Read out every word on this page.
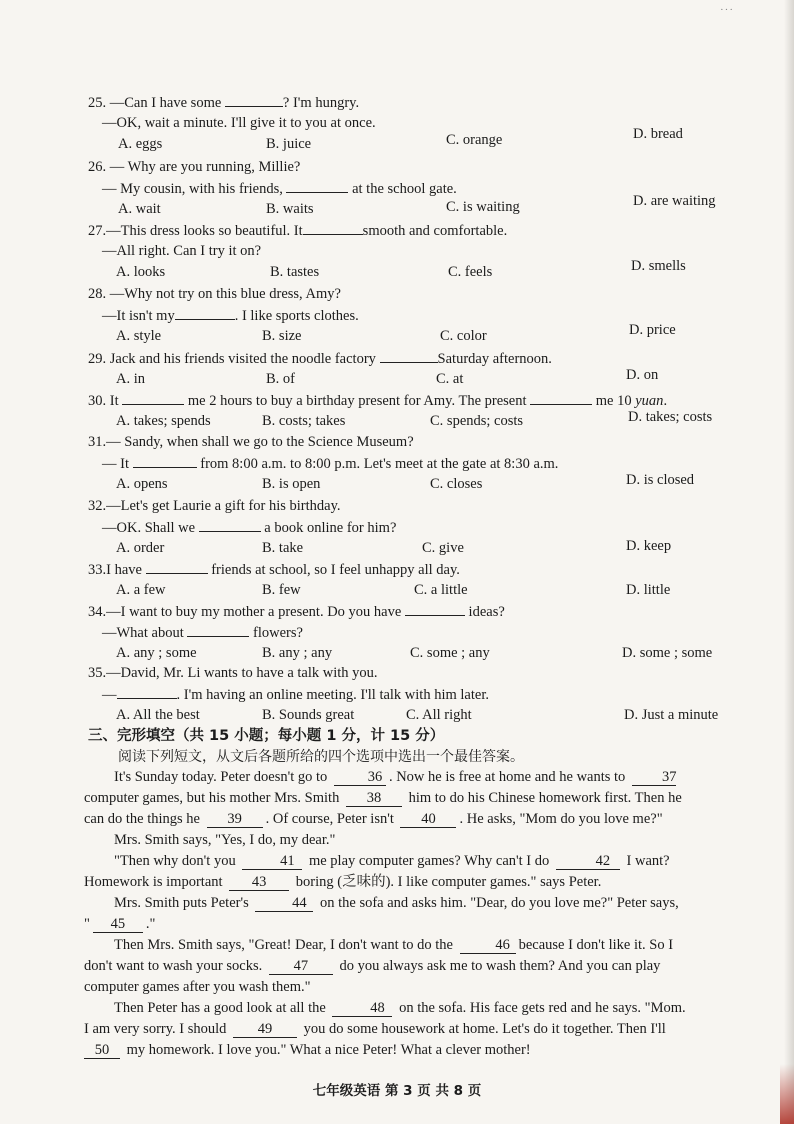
···
25. —Can I have some	? I'm hungry.
—OK, wait a minute. I'll give it to you at once.
A. eggs	B. juice	C. orange	D. bread
26. — Why are you running, Millie?
— My cousin, with his friends,	at the school gate.
A. wait	B. waits	C. is waiting	D. are waiting
27.—This dress looks so beautiful. It	smooth and comfortable.
—All right. Can I try it on?
A. looks	B. tastes	C. feels	D. smells
28. —Why not try on this blue dress, Amy?
—It isn't my	. I like sports clothes.
A. style	B. size	C. color	D. price
29. Jack and his friends visited the noodle factory	Saturday afternoon.
A. in	B. of	C. at	D. on
30. It	me 2 hours to buy a birthday present for Amy. The present	me 10 yuan.
A. takes; spends	B. costs; takes	C. spends; costs	D. takes; costs
31.— Sandy, when shall we go to the Science Museum?
— It	from 8:00 a.m. to 8:00 p.m. Let's meet at the gate at 8:30 a.m.
A. opens	B. is open	C. closes	D. is closed
32.—Let's get Laurie a gift for his birthday.
—OK. Shall we	a book online for him?
A. order	B. take	C. give	D. keep
33.I have	friends at school, so I feel unhappy all day.
A. a few	B. few	C. a little	D. little
34.—I want to buy my mother a present. Do you have	ideas?
—What about	flowers?
A. any ; some	B. any ; any	C. some ; any	D. some ; some
35.—David, Mr. Li wants to have a talk with you.
—	. I'm having an online meeting. I'll talk with him later.
A. All the best	B. Sounds great	C. All right	D. Just a minute
三、完形填空（共 15 小题；每小题 1 分，计 15 分）
阅读下列短文，从文后各题所给的四个选项中选出一个最佳答案。
It's Sunday today. Peter doesn't go to	36 . Now he is free at home and he wants to 37
computer games, but his mother Mrs. Smith 38 him to do his Chinese homework first. Then he
can do the things he 39 . Of course, Peter isn't 40 . He asks, "Mom do you love me?"
Mrs. Smith says, "Yes, I do, my dear."
"Then why don't you	41 me play computer games? Why can't I do	42 I want?
Homework is important 43 boring (乏味的). I like computer games." says Peter.
Mrs. Smith puts Peter's	44 on the sofa and asks him. "Dear, do you love me?" Peter says,
" 45 ."
Then Mrs. Smith says, "Great! Dear, I don't want to do the	46 because I don't like it. So I
don't want to wash your socks. 47 do you always ask me to wash them? And you can play
computer games after you wash them."
Then Peter has a good look at all the	48 on the sofa. His face gets red and he says. "Mom.
I am very sorry. I should 49 you do some housework at home. Let's do it together. Then I'll
50 my homework. I love you." What a nice Peter! What a clever mother!
七年级英语 第 3 页 共 8 页
